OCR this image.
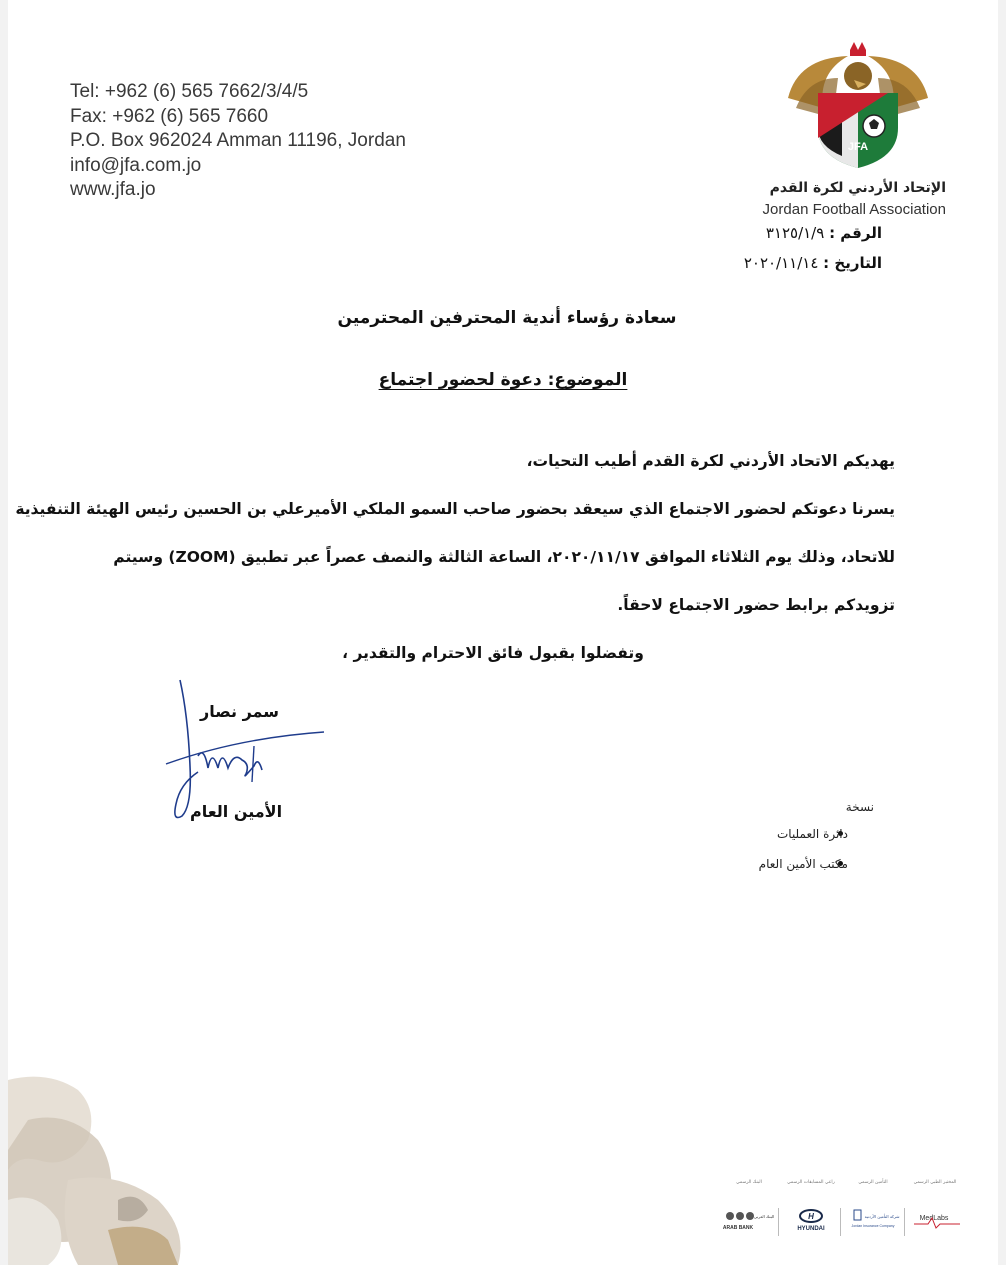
Tel: +962 (6) 565 7662/3/4/5
Fax: +962 (6) 565 7660
P.O. Box 962024 Amman 11196, Jordan
info@jfa.com.jo
www.jfa.jo
JFA
الإتحاد الأردني لكرة القدم
Jordan Football Association
الرقم : ٣١٢٥/١/٩
التاريخ : ٢٠٢٠/١١/١٤
سعادة رؤساء أندية المحترفين المحترمين
الموضوع: دعوة لحضور اجتماع
يهديكم الاتحاد الأردني لكرة القدم أطيب التحيات،
يسرنا دعوتكم لحضور الاجتماع الذي سيعقد بحضور صاحب السمو الملكي الأميرعلي بن الحسين رئيس الهيئة التنفيذية
للاتحاد، وذلك يوم الثلاثاء الموافق ٢٠٢٠/١١/١٧، الساعة الثالثة والنصف عصراً عبر تطبيق (ZOOM) وسيتم
تزويدكم برابط حضور الاجتماع لاحقاً.
وتفضلوا بقبول فائق الاحترام والتقدير ،
سمر نصار
الأمين العام	نسخة
دائرة العمليات
مكتب الأمين العام
البنك الرسمي	راعي المسابقات الرسمي	التأمين الرسمي	المختبر الطبي الرسمي
البنك العربي
ARAB BANK
H
HYUNDAI
شركة التأمين الأردنية
Jordan Insurance Company
MedLabs
